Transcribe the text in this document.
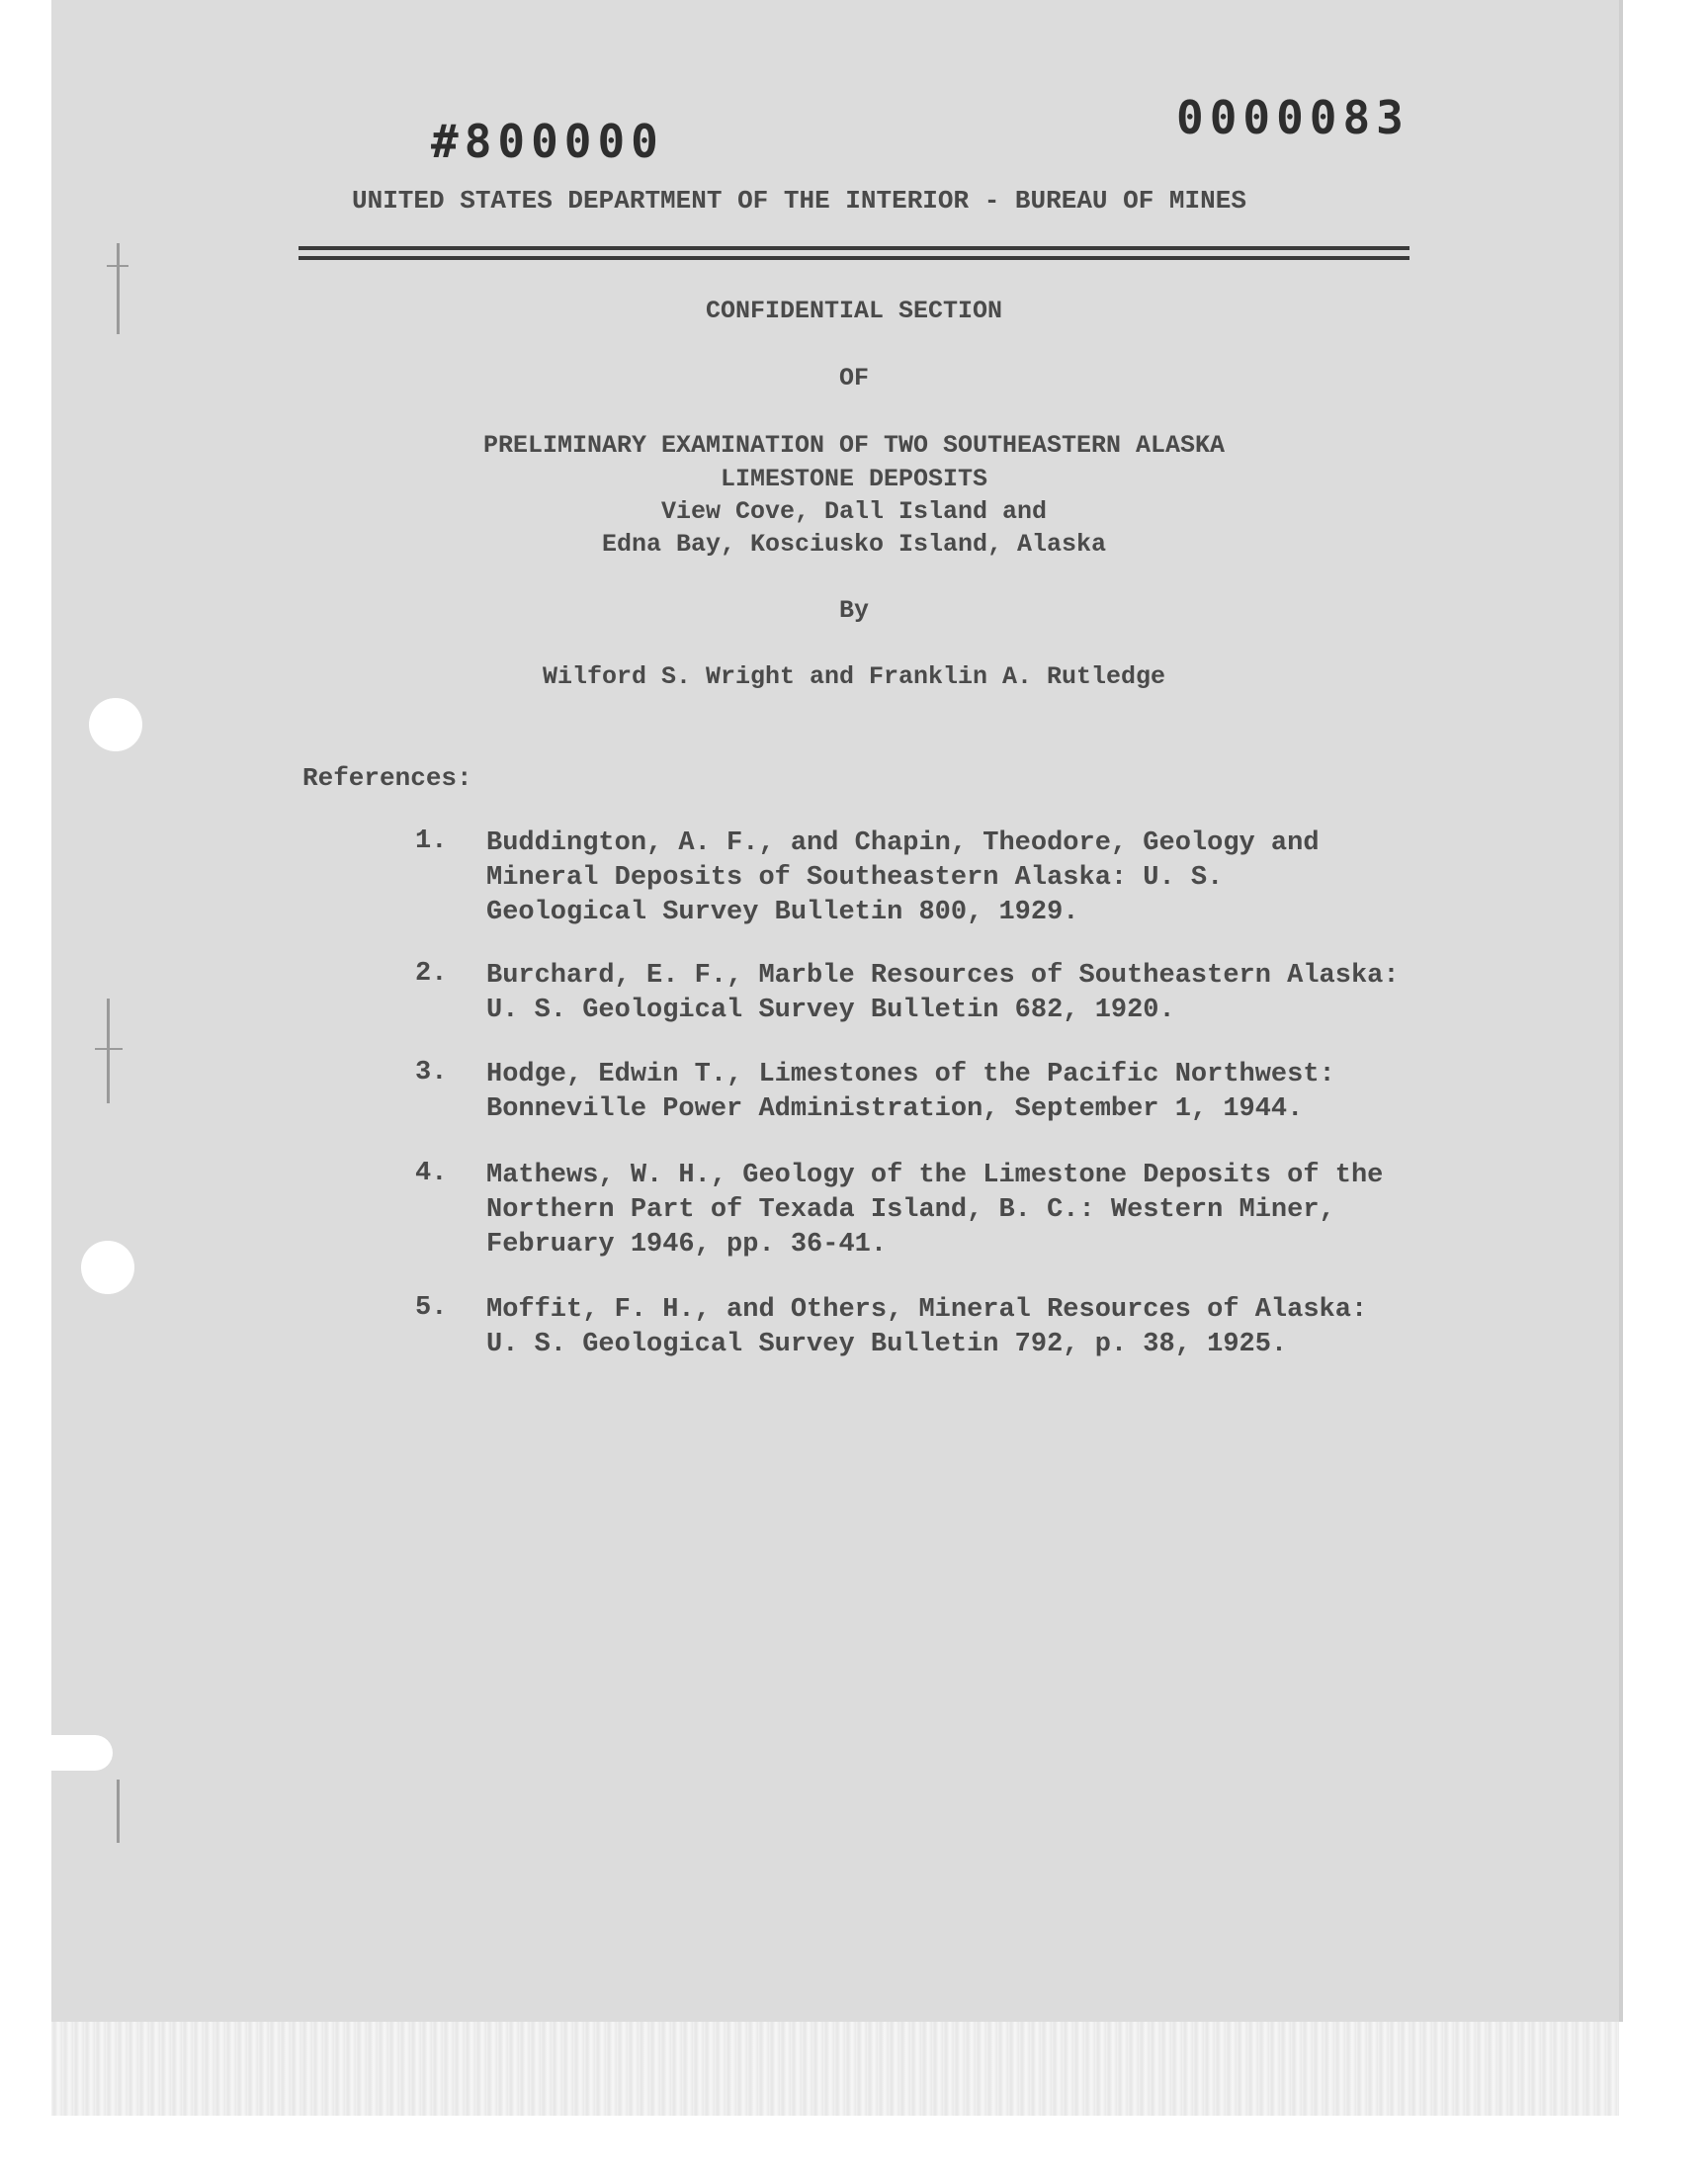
#800000	0000083
UNITED STATES DEPARTMENT OF THE INTERIOR - BUREAU OF MINES
CONFIDENTIAL SECTION
OF
PRELIMINARY EXAMINATION OF TWO SOUTHEASTERN ALASKA
LIMESTONE DEPOSITS
View Cove, Dall Island and
Edna Bay, Kosciusko Island, Alaska
By
Wilford S. Wright and Franklin A. Rutledge
References:
1. Buddington, A. F., and Chapin, Theodore, Geology and
Mineral Deposits of Southeastern Alaska: U. S.
Geological Survey Bulletin 800, 1929.
2. Burchard, E. F., Marble Resources of Southeastern Alaska:
U. S. Geological Survey Bulletin 682, 1920.
3. Hodge, Edwin T., Limestones of the Pacific Northwest:
Bonneville Power Administration, September 1, 1944.
4. Mathews, W. H., Geology of the Limestone Deposits of the
Northern Part of Texada Island, B. C.: Western Miner,
February 1946, pp. 36-41.
5. Moffit, F. H., and Others, Mineral Resources of Alaska:
U. S. Geological Survey Bulletin 792, p. 38, 1925.
